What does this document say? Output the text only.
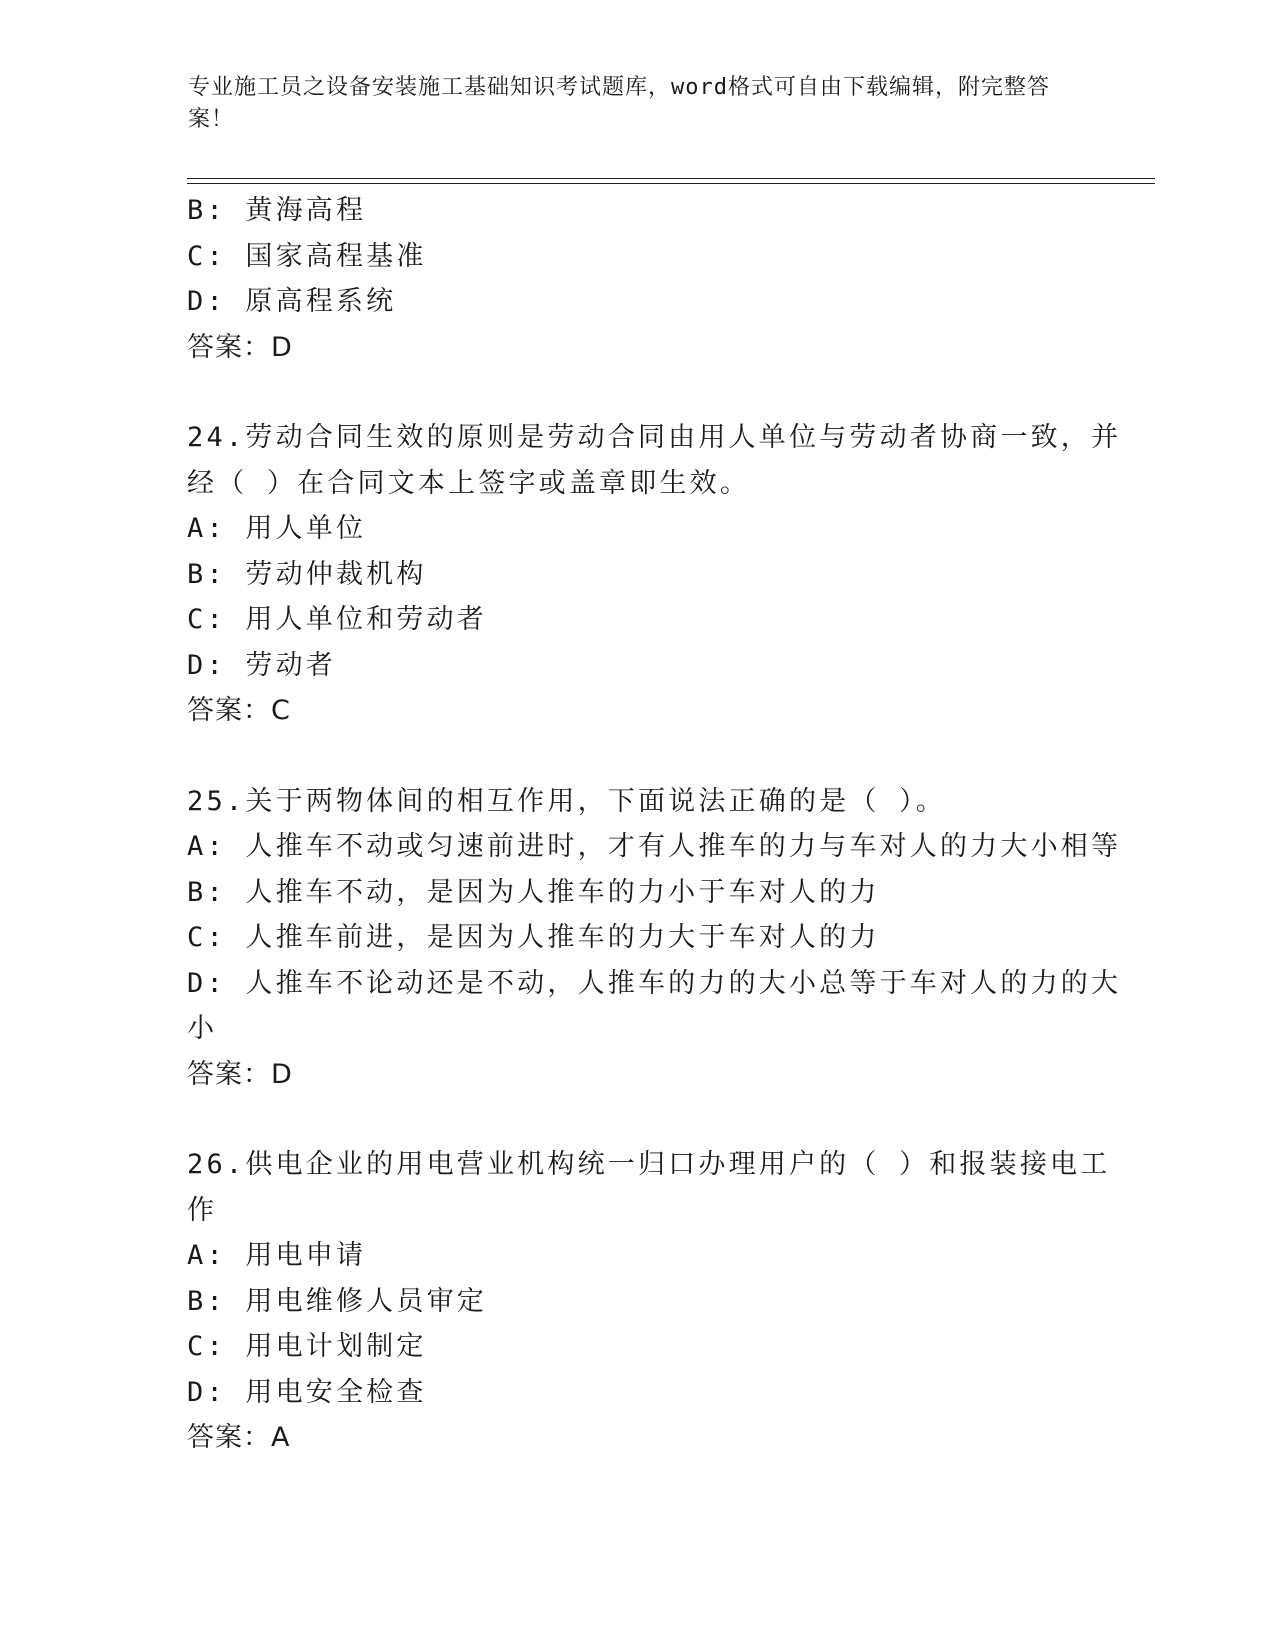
专业施工员之设备安装施工基础知识考试题库，word格式可自由下载编辑，附完整答案！
B: 黄海高程
C: 国家高程基准
D: 原高程系统
答案：D
24.劳动合同生效的原则是劳动合同由用人单位与劳动者协商一致，并
经（ ）在合同文本上签字或盖章即生效。
A: 用人单位
B: 劳动仲裁机构
C: 用人单位和劳动者
D: 劳动者
答案：C
25.关于两物体间的相互作用，下面说法正确的是（ ）。
A: 人推车不动或匀速前进时，才有人推车的力与车对人的力大小相等
B: 人推车不动，是因为人推车的力小于车对人的力
C: 人推车前进，是因为人推车的力大于车对人的力
D: 人推车不论动还是不动，人推车的力的大小总等于车对人的力的大
小
答案：D
26.供电企业的用电营业机构统一归口办理用户的（ ）和报装接电工
作
A: 用电申请
B: 用电维修人员审定
C: 用电计划制定
D: 用电安全检查
答案：A
